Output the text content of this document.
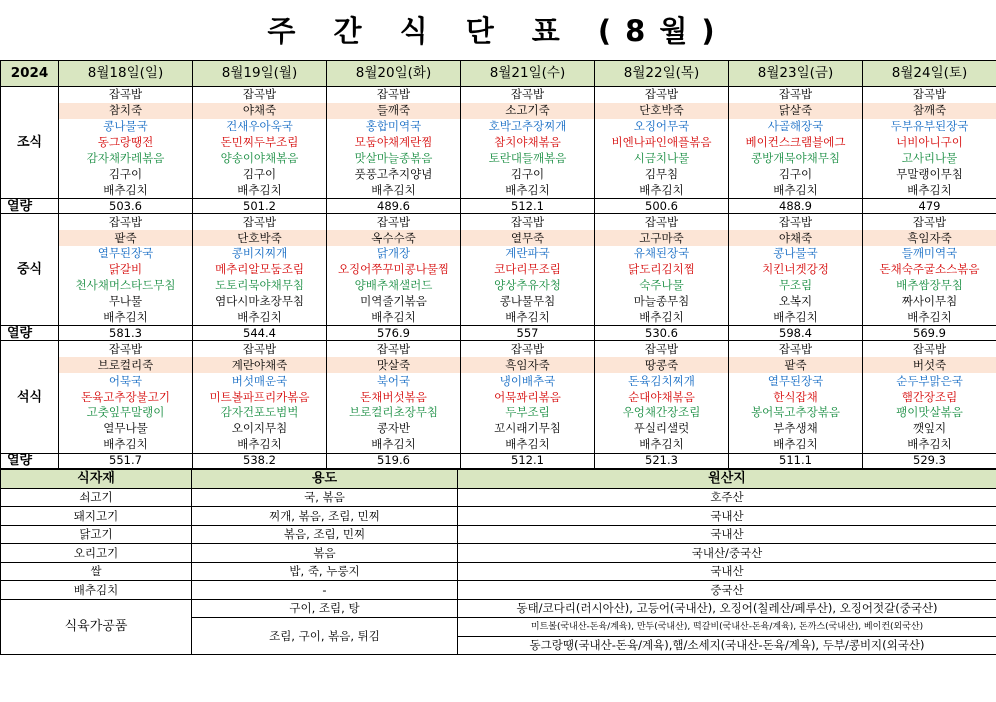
주 간 식 단 표 (8월)
2024	8월18일(일)	8월19일(월)	8월20일(화)	8월21일(수)	8월22일(목)	8월23일(금)	8월24일(토)
조식	잡곡밥	잡곡밥	잡곡밥	잡곡밥	잡곡밥	잡곡밥	잡곡밥
	참치죽	야채죽	들깨죽	소고기죽	단호박죽	닭살죽	참깨죽
	콩나물국	건새우아욱국	홍합미역국	호박고추장찌개	오징어무국	사골해장국	두부유부된장국
	동그랑땡전	돈민찌두부조림	모둠야채계란찜	참치야채볶음	비엔나파인애플볶음	베이컨스크램블에그	너비아니구이
	감자채카레볶음	양송이야채볶음	맛살마늘종볶음	토란대들깨볶음	시금치나물	콩방개묵야채무침	고사리나물
	김구이	김구이	풋풍고추지양념	김구이	김무침	김구이	무말랭이무침
	배추김치	배추김치	배추김치	배추김치	배추김치	배추김치	배추김치
열량	503.6	501.2	489.6	512.1	500.6	488.9	479
중식	잡곡밥	잡곡밥	잡곡밥	잡곡밥	잡곡밥	잡곡밥	잡곡밥
	팥죽	단호박죽	옥수수죽	열무죽	고구마죽	야채죽	흑임자죽
	열무된장국	콩비지찌개	닭개장	계란파국	유채된장국	콩나물국	들깨미역국
	닭갈비	메추리알모둠조림	오징어쭈꾸미콩나물찜	코다리무조림	닭도리김치찜	치킨너겟강정	돈채숙주굴소스볶음
	천사채머스타드무침	도토리묵야채무침	양배추채샐러드	양상추유자청	숙주나물	무조림	배추쌈장무침
	무나물	염다시마초장무침	미역줄기볶음	콩나물무침	마늘종무침	오복지	짜사이무침
	배추김치	배추김치	배추김치	배추김치	배추김치	배추김치	배추김치
열량	581.3	544.4	576.9	557	530.6	598.4	569.9
석식	잡곡밥	잡곡밥	잡곡밥	잡곡밥	잡곡밥	잡곡밥	잡곡밥
	브로컬리죽	계란야채죽	맛살죽	흑임자죽	땅콩죽	팥죽	버섯죽
	어묵국	버섯매운국	북어국	냉이배추국	돈육김치찌개	열무된장국	순두부맑은국
	돈육고추장불고기	미트볼파프리카볶음	돈채버섯볶음	어묵꽈리볶음	순대야채볶음	한식잡채	햄간장조림
	고춧잎무말랭이	감자건포도범벅	브로컬리초장무침	두부조림	우엉채간장조림	봉어묵고추장볶음	팽이맛살볶음
	열무나물	오이지무침	콩자반	꼬시래기무침	푸실리샐럿	부추생채	깻잎지
	배추김치	배추김치	배추김치	배추김치	배추김치	배추김치	배추김치
열량	551.7	538.2	519.6	512.1	521.3	511.1	529.3
식자재	용도	원산지
쇠고기	국, 볶음	호주산
돼지고기	찌개, 볶음, 조림, 민찌	국내산
닭고기	볶음, 조림, 민찌	국내산
오리고기	볶음	국내산/중국산
쌀	밥, 죽, 누룽지	국내산
배추김치	-	중국산
식육가공품	구이, 조림, 탕	동태/코다리(러시아산), 고등어(국내산), 오징어(칠레산/페루산), 오징어젓갈(중국산)
	조림, 구이, 볶음, 튀김	미트볼(국내산-돈육/계육), 만두(국내산), 떡갈비(국내산-돈육/계육), 돈까스(국내산), 베이컨(외국산)
		동그랑땡(국내산-돈육/계육),햄/소세지(국내산-돈육/계육), 두부/콩비지(외국산)
